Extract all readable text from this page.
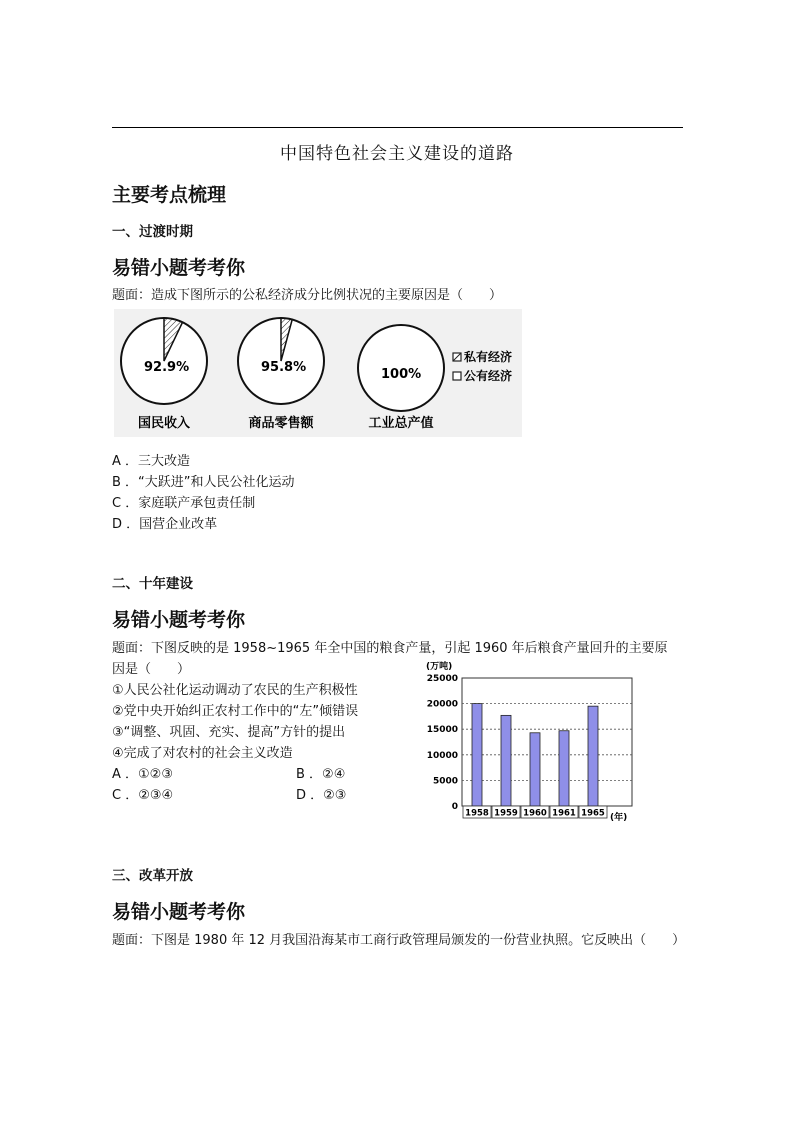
中国特色社会主义建设的道路
主要考点梳理
一、过渡时期
易错小题考考你
题面：造成下图所示的公私经济成分比例状况的主要原因是（　　）
92.9%
国民收入
95.8%
商品零售额
100%
工业总产值
私有经济
公有经济
A ．三大改造
B ．“大跃进”和人民公社化运动
C ．家庭联产承包责任制
D ．国营企业改革
二、十年建设
易错小题考考你
题面：下图反映的是 1958~1965 年全中国的粮食产量，引起 1960 年后粮食产量回升的主要原
因是（　　）
①人民公社化运动调动了农民的生产积极性
②党中央开始纠正农村工作中的“左”倾错误
③“调整、巩固、充实、提高”方针的提出
④完成了对农村的社会主义改造
A ．①②③	B ．②④
C ．②③④	D ．②③
(万吨)
0
5000
10000
15000
20000
25000
1958 1959 1960 1961 1965 (年)
三、改革开放
易错小题考考你
题面：下图是 1980 年 12 月我国沿海某市工商行政管理局颁发的一份营业执照。它反映出（　　）
